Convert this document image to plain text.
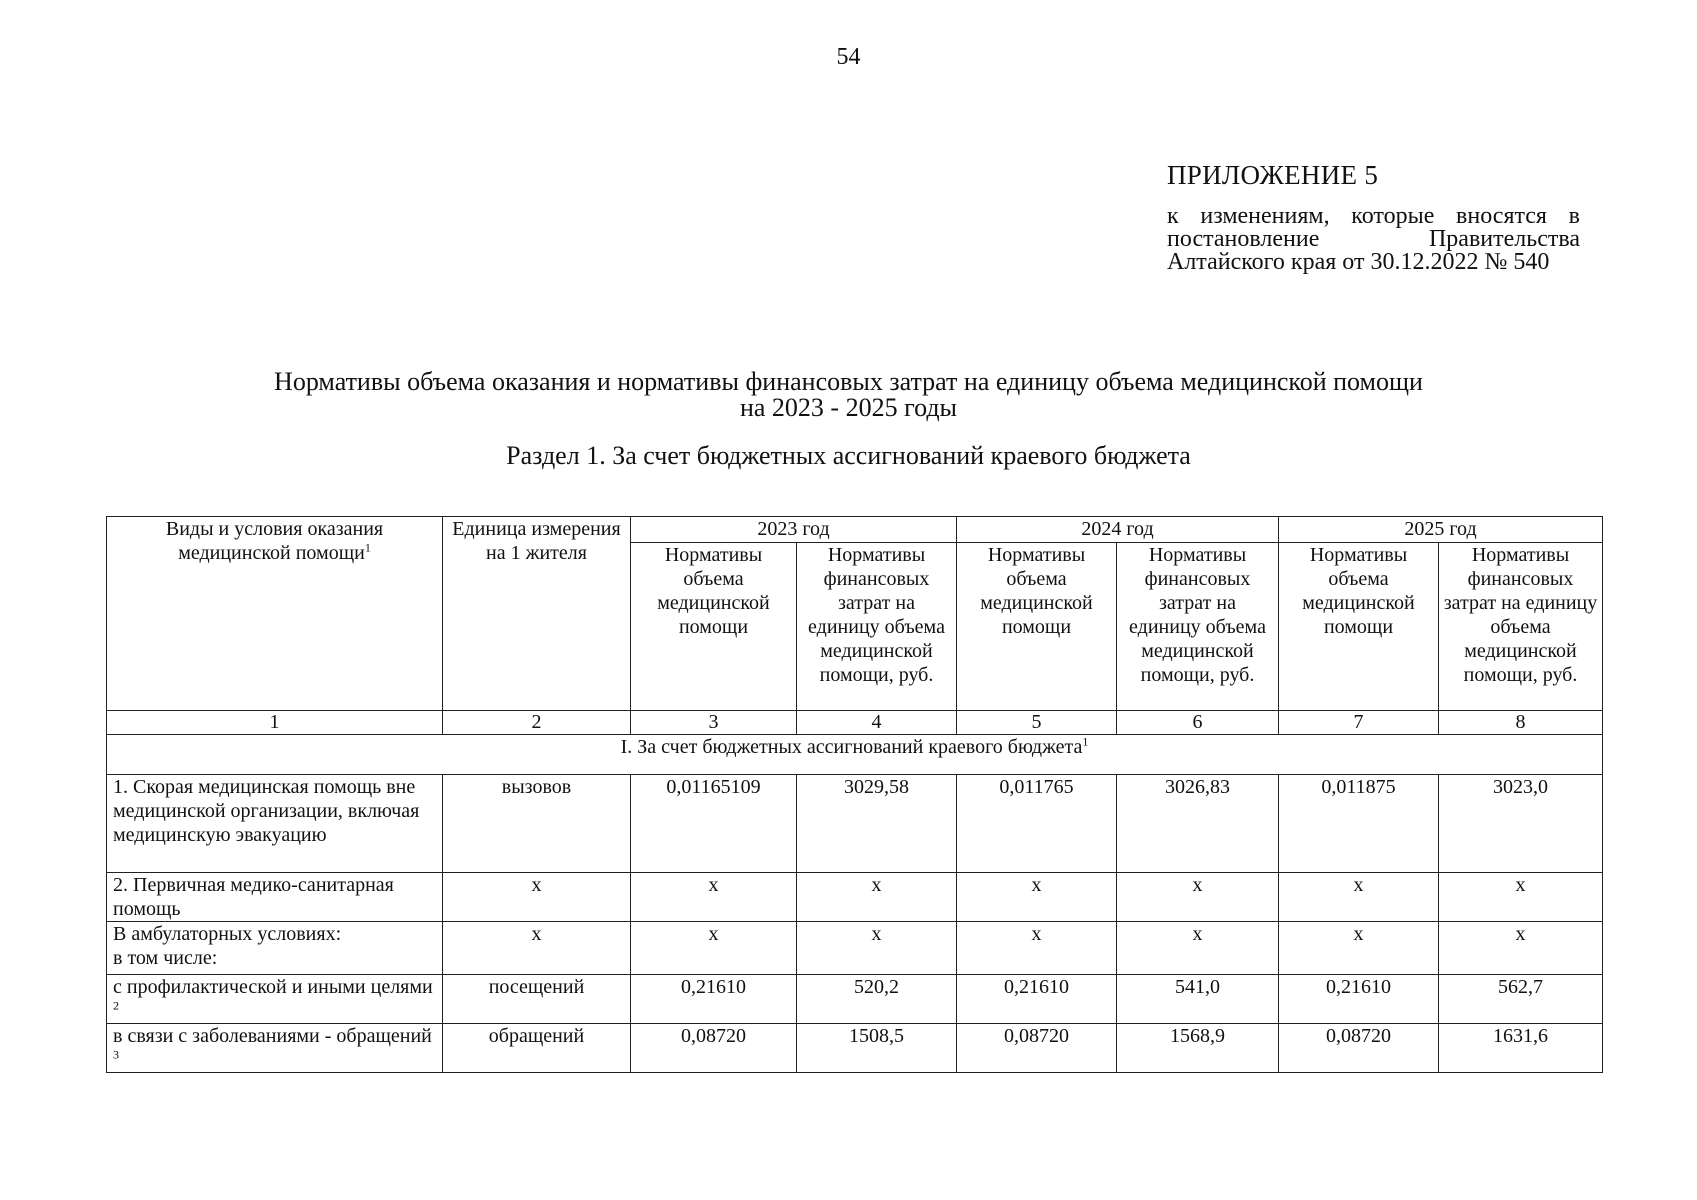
54
ПРИЛОЖЕНИЕ 5
к изменениям, которые вносятся в постановление Правительства Алтайского края от 30.12.2022 № 540
Нормативы объема оказания и нормативы финансовых затрат на единицу объема медицинской помощи
на 2023 - 2025 годы
Раздел 1. За счет бюджетных ассигнований краевого бюджета
Виды и условия оказания медицинской помощи$^1$	Единица измерения на 1 жителя	2023 год		2024 год		2025 год	
		Нормативы объема медицинской помощи	Нормативы финансовых затрат на единицу объема медицинской помощи, руб.	Нормативы объема медицинской помощи	Нормативы финансовых затрат на единицу объема медицинской помощи, руб.	Нормативы объема медицинской помощи	Нормативы финансовых затрат на единицу объема медицинской помощи, руб.
1	2	3	4	5	6	7	8
I. За счет бюджетных ассигнований краевого бюджета$^1$
1. Скорая медицинская помощь вне медицинской организации, включая медицинскую эвакуацию	вызовов	0,01165109	3029,58	0,011765	3026,83	0,011875	3023,0
2. Первичная медико-санитарная помощь	х	х	х	х	х	х	х

В амбулаторных условиях:
в том числе:	х	х	х	х	х	х	х
с профилактической и иными целями $^2$	посещений	0,21610	520,2	0,21610	541,0	0,21610	562,7
в связи с заболеваниями - обращений $^3$	обращений	0,08720	1508,5	0,08720	1568,9	0,08720	1631,6
